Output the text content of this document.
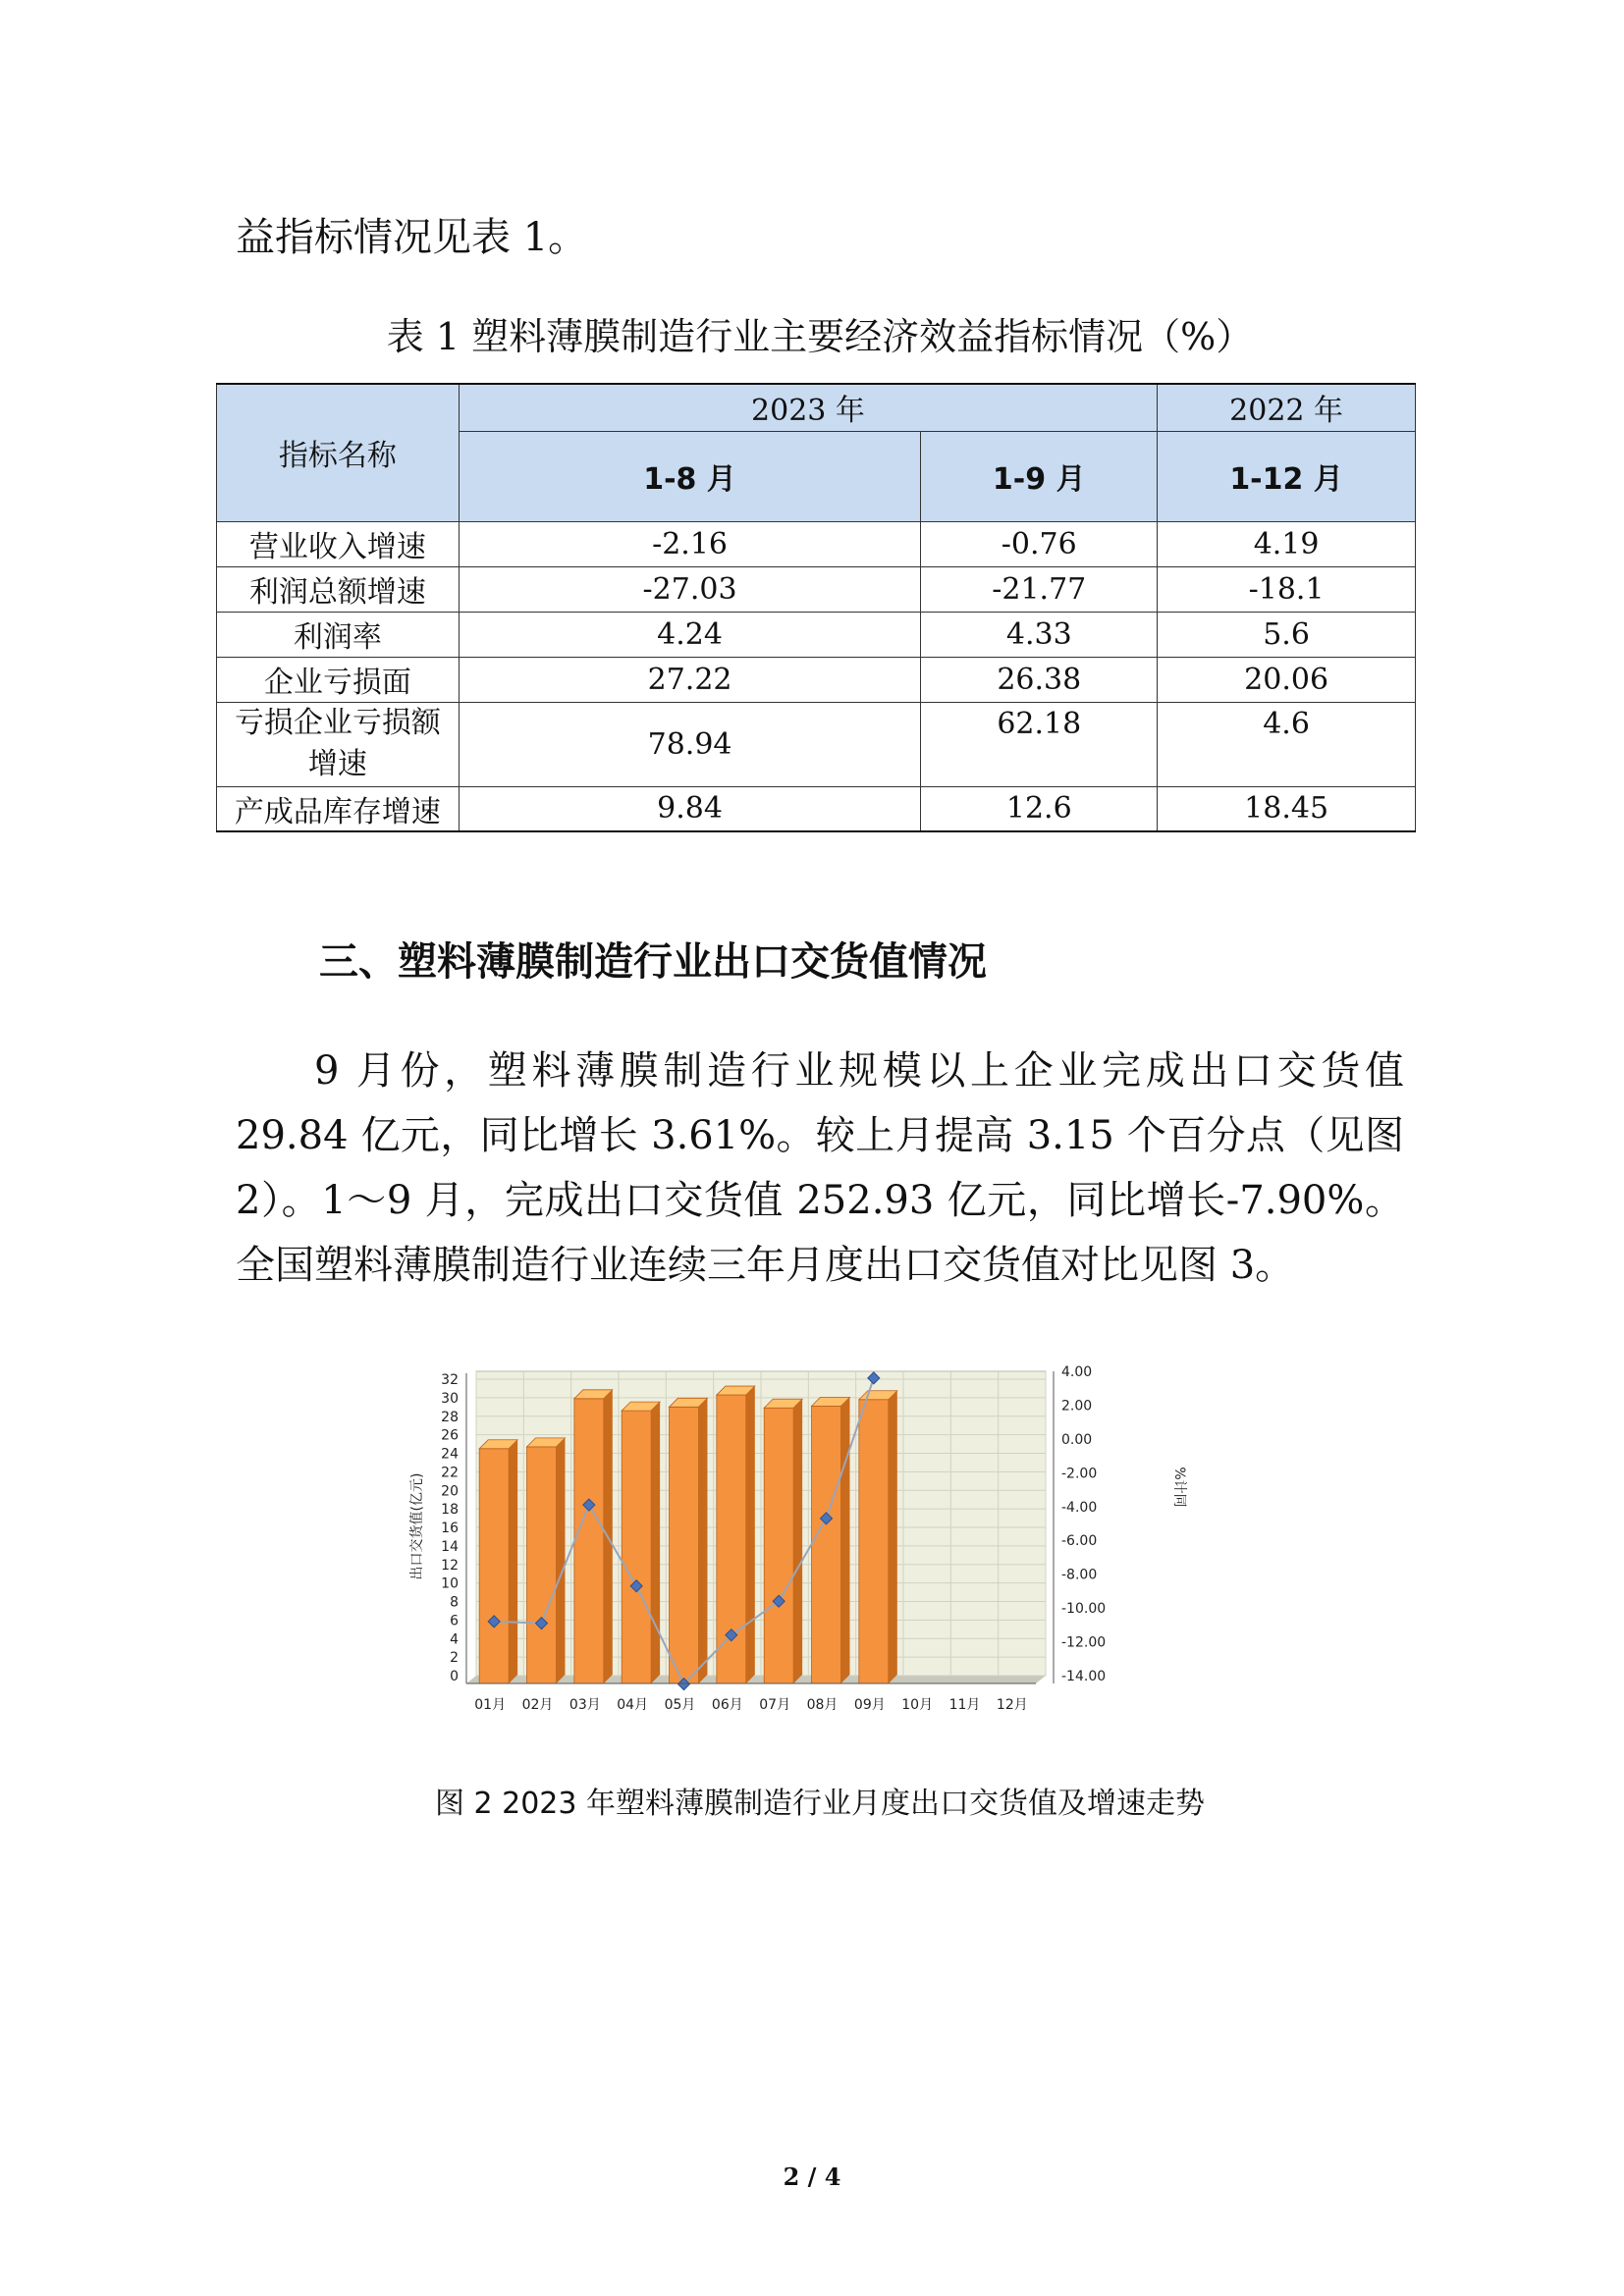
益指标情况见表 1。
表 1 塑料薄膜制造行业主要经济效益指标情况（%）
指标名称	2023 年		2022 年
	1-8 月	1-9 月	1-12 月
营业收入增速	-2.16	-0.76	4.19
利润总额增速	-27.03	-21.77	-18.1
利润率	4.24	4.33	5.6
企业亏损面	27.22	26.38	20.06
亏损企业亏损额增速	78.94	62.18	4.6
产成品库存增速	9.84	12.6	18.45
三、塑料薄膜制造行业出口交货值情况
9 月份，塑料薄膜制造行业规模以上企业完成出口交货值 29.84 亿元，同比增长 3.61%。较上月提高 3.15 个百分点（见图 2）。1～9 月，完成出口交货值 252.93 亿元，同比增长-7.90%。全国塑料薄膜制造行业连续三年月度出口交货值对比见图 3。
0
2
4
6
8
10
12
14
16
18
20
22
24
26
28
30
32	4.00
2.00
0.00
-2.00
-4.00
-6.00
-8.00
-10.00
-12.00
-14.00
01月 02月 03月 04月 05月 06月 07月 08月 09月 10月 11月 12月
出口交货值(亿元)	%计同
图 2 2023 年塑料薄膜制造行业月度出口交货值及增速走势
2 / 4
